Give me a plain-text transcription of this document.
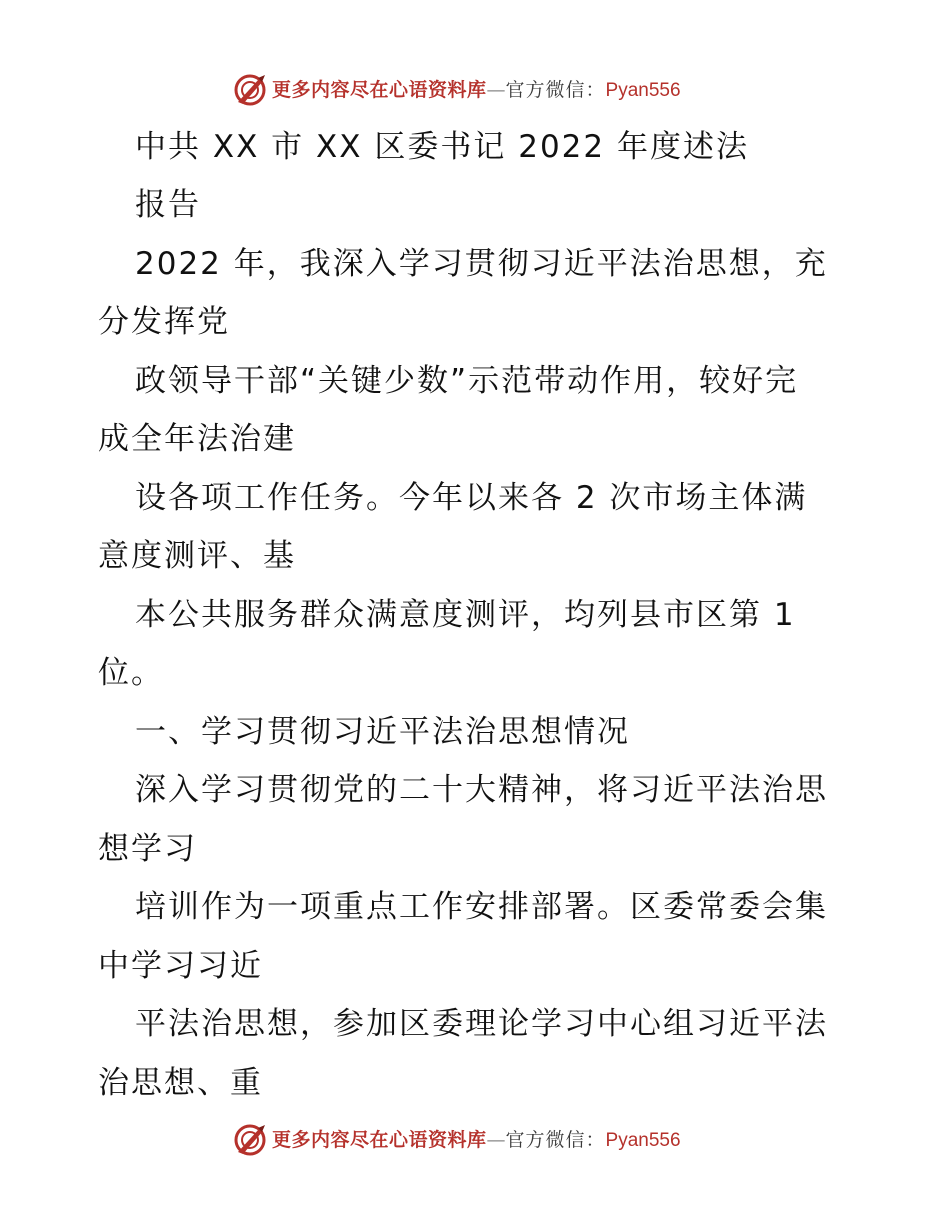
更多内容尽在心语资料库—官方微信：Pyan556
中共 XX 市 XX 区委书记 2022 年度述法
报告
2022 年，我深入学习贯彻习近平法治思想，充
分发挥党
政领导干部“关键少数”示范带动作用，较好完
成全年法治建
设各项工作任务。今年以来各 2 次市场主体满
意度测评、基
本公共服务群众满意度测评，均列县市区第 1
位。
一、学习贯彻习近平法治思想情况
深入学习贯彻党的二十大精神，将习近平法治思
想学习
培训作为一项重点工作安排部署。区委常委会集
中学习习近
平法治思想，参加区委理论学习中心组习近平法
治思想、重
更多内容尽在心语资料库—官方微信：Pyan556
